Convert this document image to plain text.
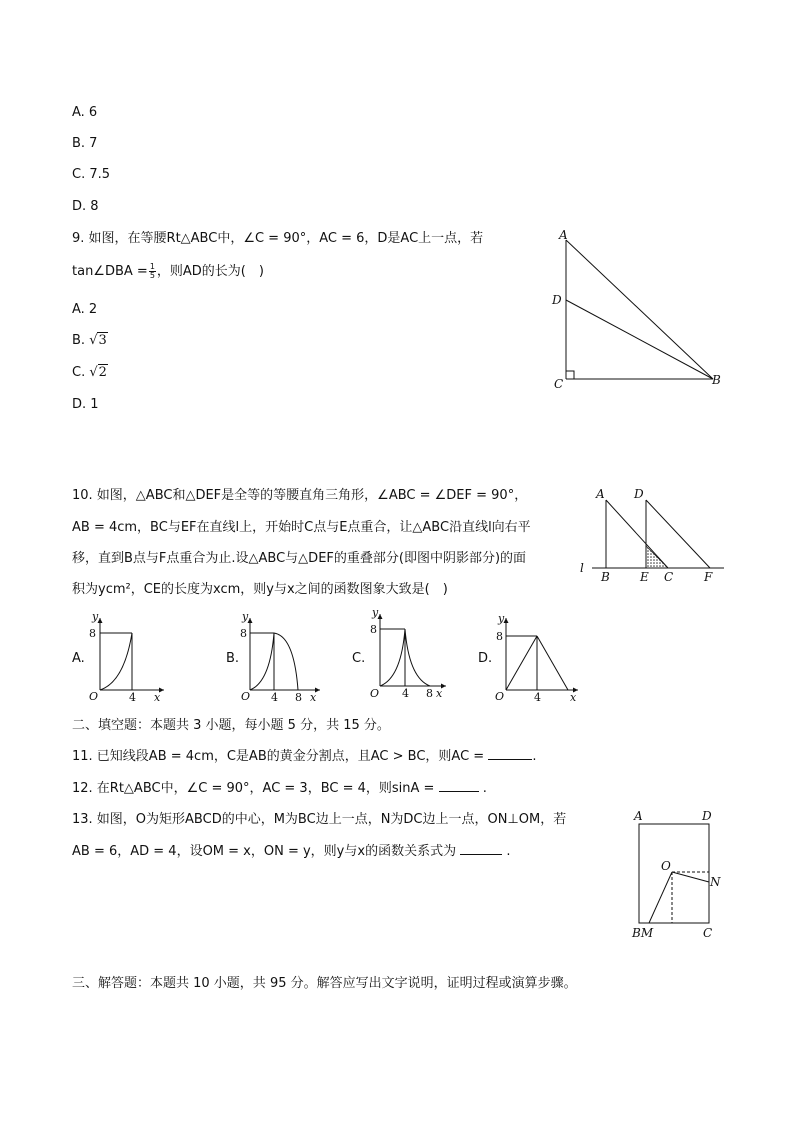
A. 6
B. 7
C. 7.5
D. 8
9. 如图，在等腰Rt△ABC中，∠C = 90°，AC = 6，D是AC上一点，若
tan∠DBA = $\frac{1}{5}$ ，则AD的长为(　)
A. 2
B. √3
C. √2
D. 1
A
D
C	B
10. 如图，△ABC和△DEF是全等的等腰直角三角形，∠ABC = ∠DEF = 90°，
AB = 4cm，BC与EF在直线l上，开始时C点与E点重合，让△ABC沿直线l向右平
移，直到B点与F点重合为止.设△ABC与△DEF的重叠部分(即图中阴影部分)的面
积为ycm²，CE的长度为xcm，则y与x之间的函数图象大致是(　)
A D
l
B	E C	F
A.
y
8
O	4 x
B.
y
8
O 4 8 x
C.
y
8
O 4 8 x
D.
y
8
O	4	x
二、填空题：本题共 3 小题，每小题 5 分，共 15 分。
11. 已知线段AB = 4cm，C是AB的黄金分割点，且AC > BC，则AC =	.
12. 在Rt△ABC中，∠C = 90°，AC = 3，BC = 4，则sinA =	.
13. 如图，O为矩形ABCD的中心，M为BC边上一点，N为DC边上一点，ON⊥OM，若
AB = 6，AD = 4，设OM = x，ON = y，则y与x的函数关系式为	.
A	D
O
N
BM	C
三、解答题：本题共 10 小题，共 95 分。解答应写出文字说明，证明过程或演算步骤。
